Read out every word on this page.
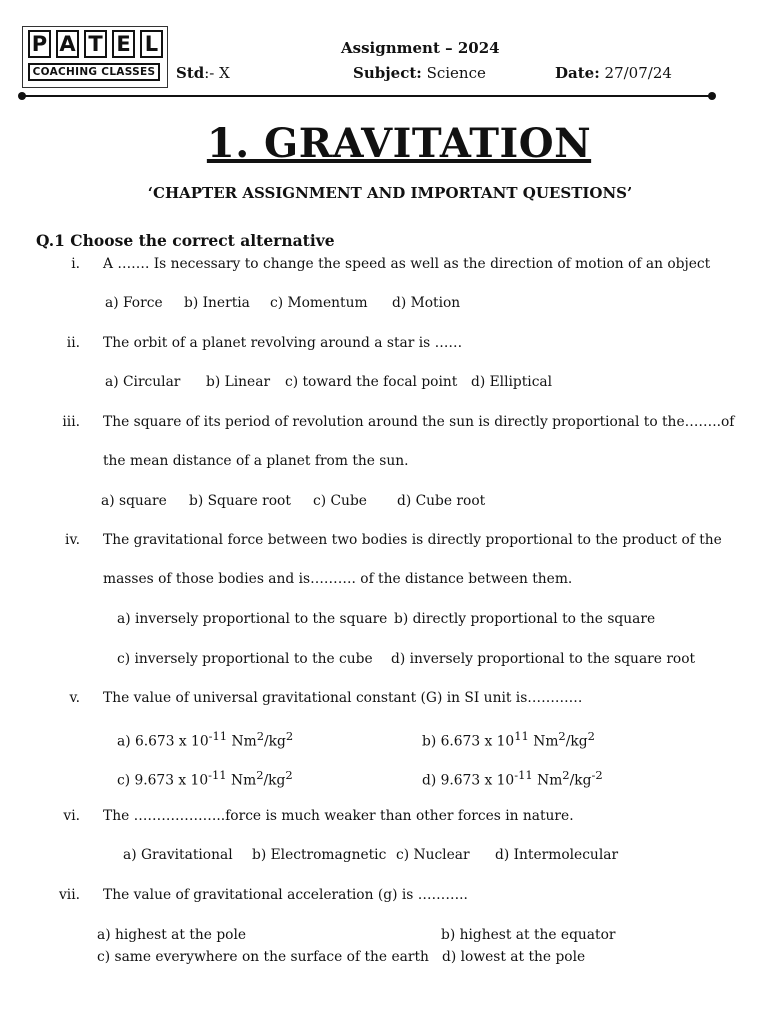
P A T E L
COACHING CLASSES
Assignment – 2024
Std:- X	Subject: Science	Date: 27/07/24
1. GRAVITATION
‘CHAPTER ASSIGNMENT AND IMPORTANT QUESTIONS’
Q.1 Choose the correct alternative
i. A ……. Is necessary to change the speed as well as the direction of motion of an object
a) Force b) Inertia c) Momentum d) Motion
ii. The orbit of a planet revolving around a star is ……
a) Circular b) Linear c) toward the focal point d) Elliptical
iii. The square of its period of revolution around the sun is directly proportional to the……..of
the mean distance of a planet from the sun.
a) square b) Square root c) Cube d) Cube root
iv. The gravitational force between two bodies is directly proportional to the product of the
masses of those bodies and is………. of the distance between them.
a) inversely proportional to the square b) directly proportional to the square
c) inversely proportional to the cube d) inversely proportional to the square root
v. The value of universal gravitational constant (G) in SI unit is…………
a) 6.673 x $10^{-11}$ $Nm^2/kg^2$	b) 6.673 x $10^{11}$ $Nm^2/kg^2$
c) 9.673 x $10^{-11}$ $Nm^2/kg^2$	d) 9.673 x $10^{-11}$ $Nm^2/kg^{-2}$
vi. The ………………..force is much weaker than other forces in nature.
a) Gravitational b) Electromagnetic c) Nuclear d) Intermolecular
vii. The value of gravitational acceleration (g) is ………..
a) highest at the pole	b) highest at the equator
c) same everywhere on the surface of the earth d) lowest at the pole
